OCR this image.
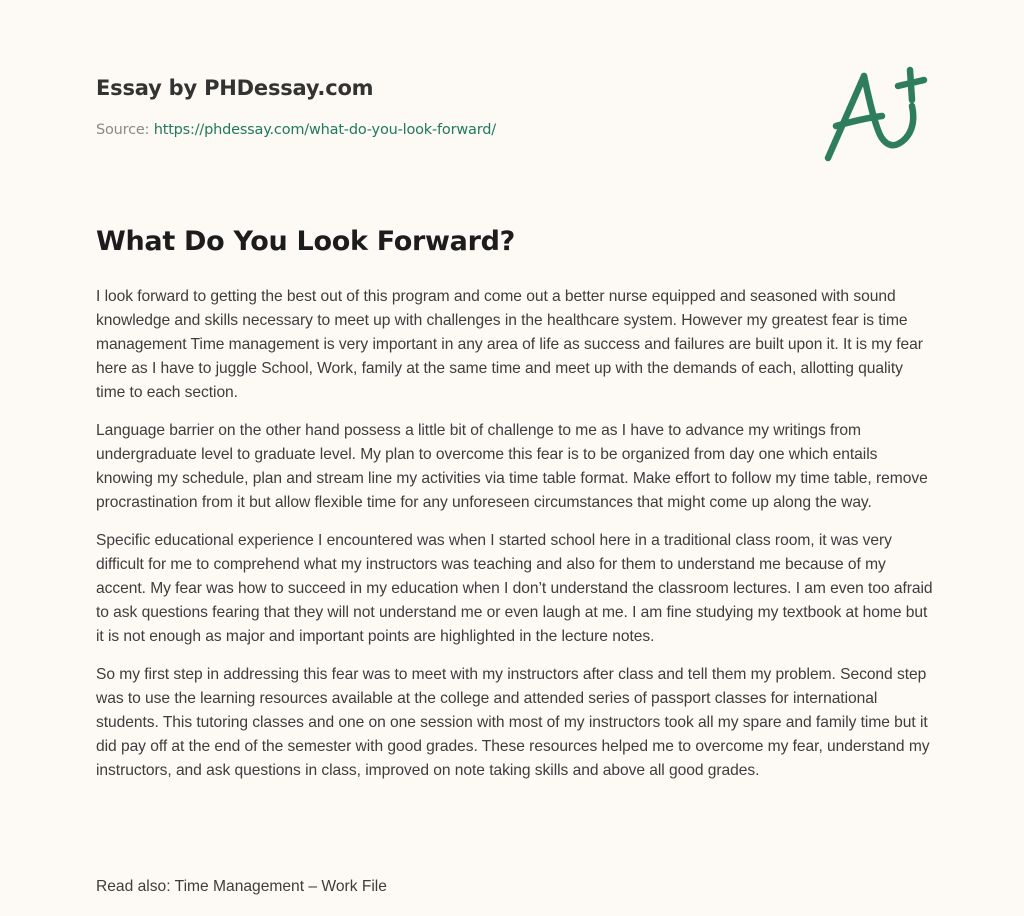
Essay by PHDessay.com
Source: https://phdessay.com/what-do-you-look-forward/
What Do You Look Forward?

I look forward to getting the best out of this program and come out a better nurse equipped and seasoned with sound knowledge and skills necessary to meet up with challenges in the healthcare system. However my greatest fear is time management Time management is very important in any area of life as success and failures are built upon it. It is my fear here as I have to juggle School, Work, family at the same time and meet up with the demands of each, allotting quality time to each section.

Language barrier on the other hand possess a little bit of challenge to me as I have to advance my writings from undergraduate level to graduate level. My plan to overcome this fear is to be organized from day one which entails knowing my schedule, plan and stream line my activities via time table format. Make effort to follow my time table, remove procrastination from it but allow flexible time for any unforeseen circumstances that might come up along the way.

Specific educational experience I encountered was when I started school here in a traditional class room, it was very difficult for me to comprehend what my instructors was teaching and also for them to understand me because of my accent. My fear was how to succeed in my education when I don’t understand the classroom lectures. I am even too afraid to ask questions fearing that they will not understand me or even laugh at me. I am fine studying my textbook at home but it is not enough as major and important points are highlighted in the lecture notes.

So my first step in addressing this fear was to meet with my instructors after class and tell them my problem. Second step was to use the learning resources available at the college and attended series of passport classes for international students. This tutoring classes and one on one session with most of my instructors took all my spare and family time but it did pay off at the end of the semester with good grades. These resources helped me to overcome my fear, understand my instructors, and ask questions in class, improved on note taking skills and above all good grades.

Read also: Time Management – Work File
